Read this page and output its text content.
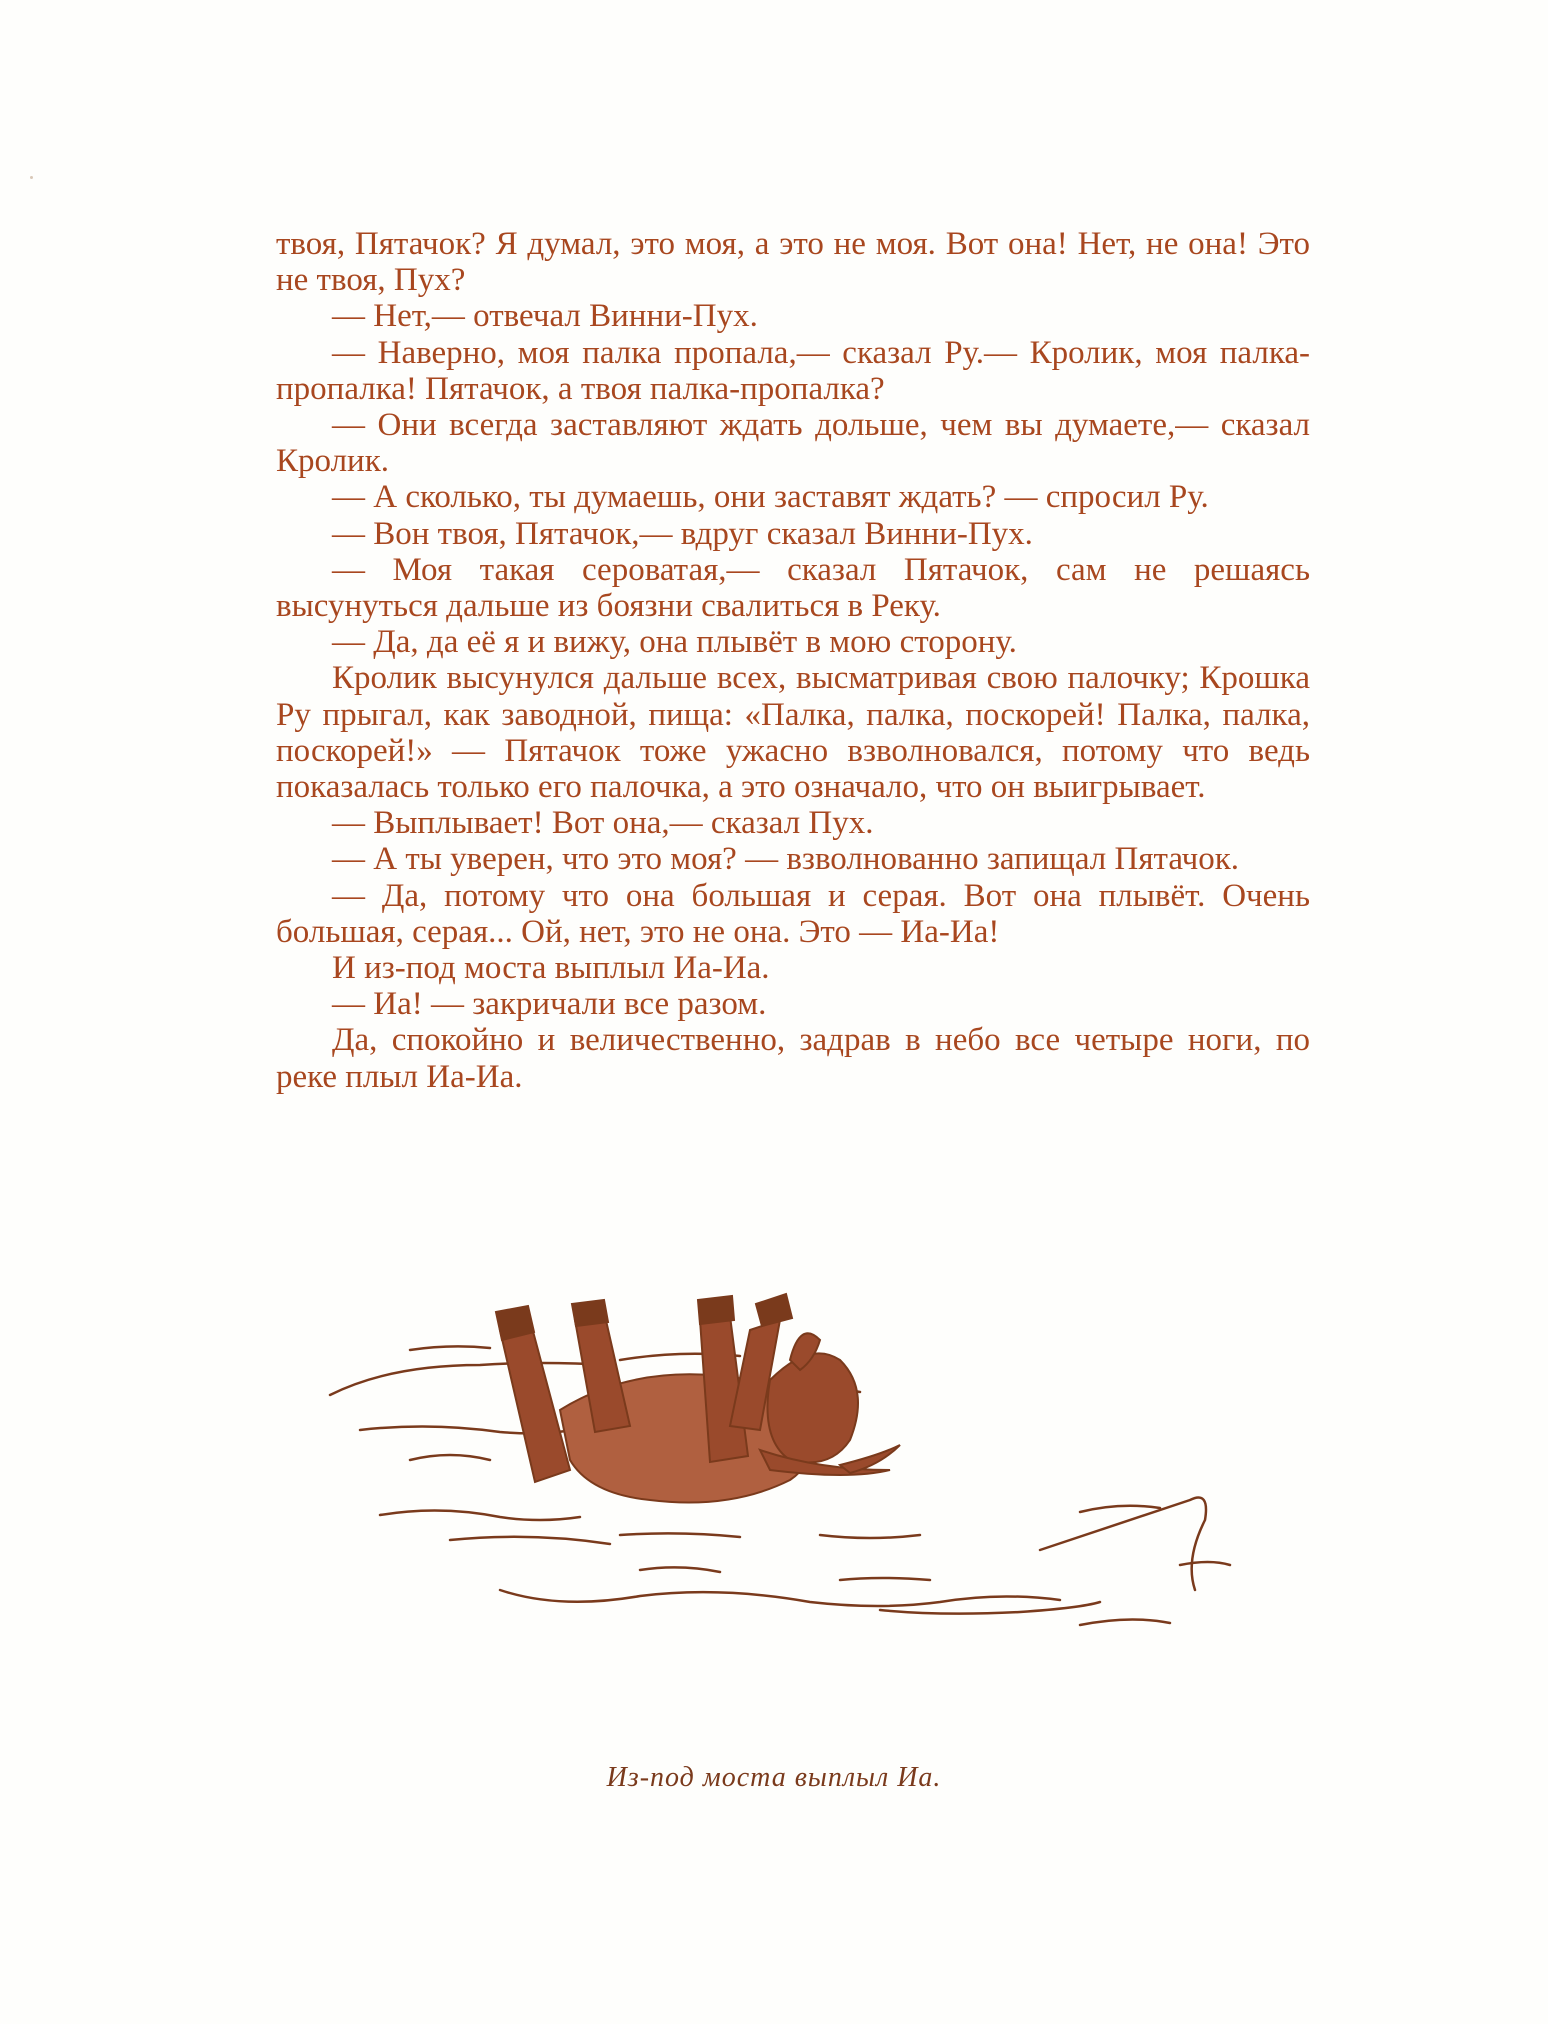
твоя, Пятачок? Я думал, это моя, а это не моя. Вот она! Нет, не она! Это не твоя, Пух?

— Нет,— отвечал Винни-Пух.

— Наверно, моя палка пропала,— сказал Ру.— Кролик, моя палка-пропалка! Пятачок, а твоя палка-пропалка?

— Они всегда заставляют ждать дольше, чем вы думаете,— сказал Кролик.

— А сколько, ты думаешь, они заставят ждать? — спросил Ру.

— Вон твоя, Пятачок,— вдруг сказал Винни-Пух.

— Моя такая сероватая,— сказал Пятачок, сам не решаясь высунуться дальше из боязни свалиться в Реку.

— Да, да её я и вижу, она плывёт в мою сторону.

Кролик высунулся дальше всех, высматривая свою палочку; Крошка Ру прыгал, как заводной, пища: «Палка, палка, поскорей! Палка, палка, поскорей!» — Пятачок тоже ужасно взволновался, потому что ведь показалась только его палочка, а это означало, что он выигрывает.

— Выплывает! Вот она,— сказал Пух.

— А ты уверен, что это моя? — взволнованно запищал Пятачок.

— Да, потому что она большая и серая. Вот она плывёт. Очень большая, серая... Ой, нет, это не она. Это — Иа-Иа!

И из-под моста выплыл Иа-Иа.

— Иа! — закричали все разом.

Да, спокойно и величественно, задрав в небо все четыре ноги, по реке плыл Иа-Иа.

Из-под моста выплыл Иа.
